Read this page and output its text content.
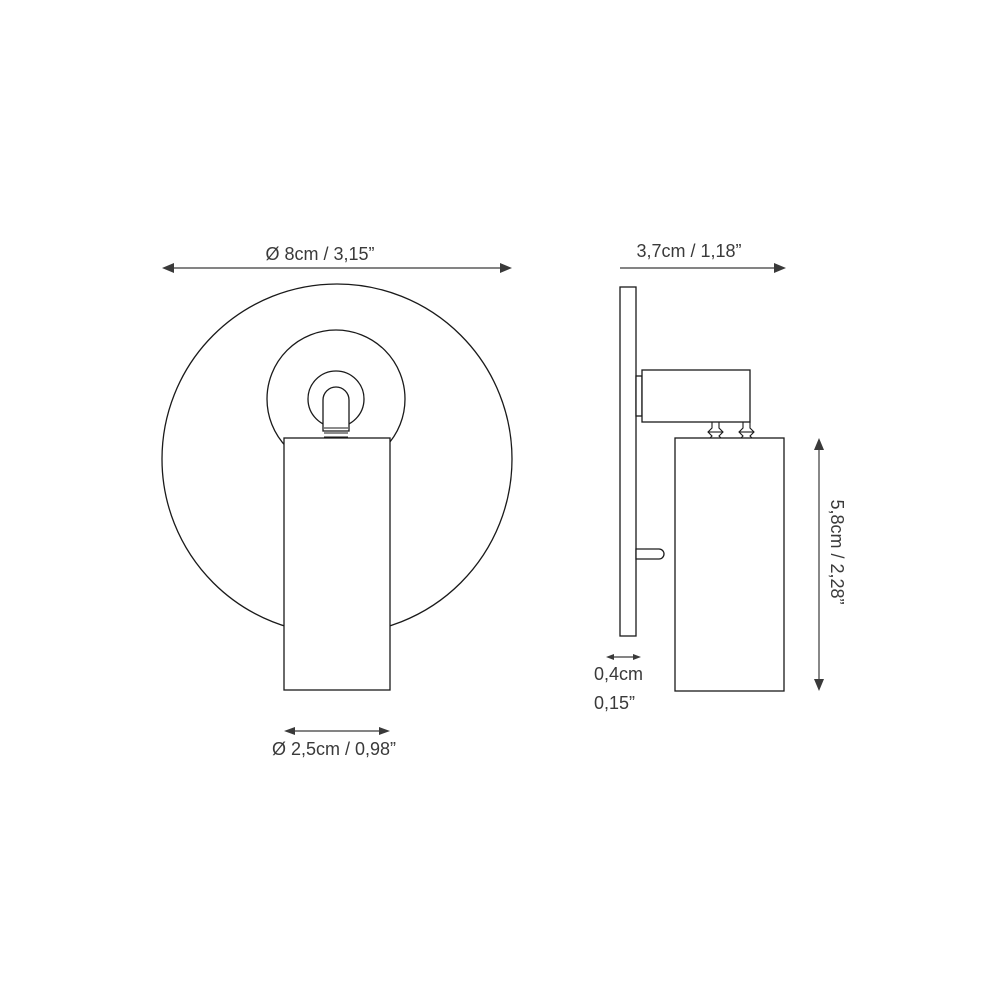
Ø 8cm / 3,15”
Ø 2,5cm / 0,98”
3,7cm / 1,18”
0,4cm
0,15”
5,8cm / 2,28”
